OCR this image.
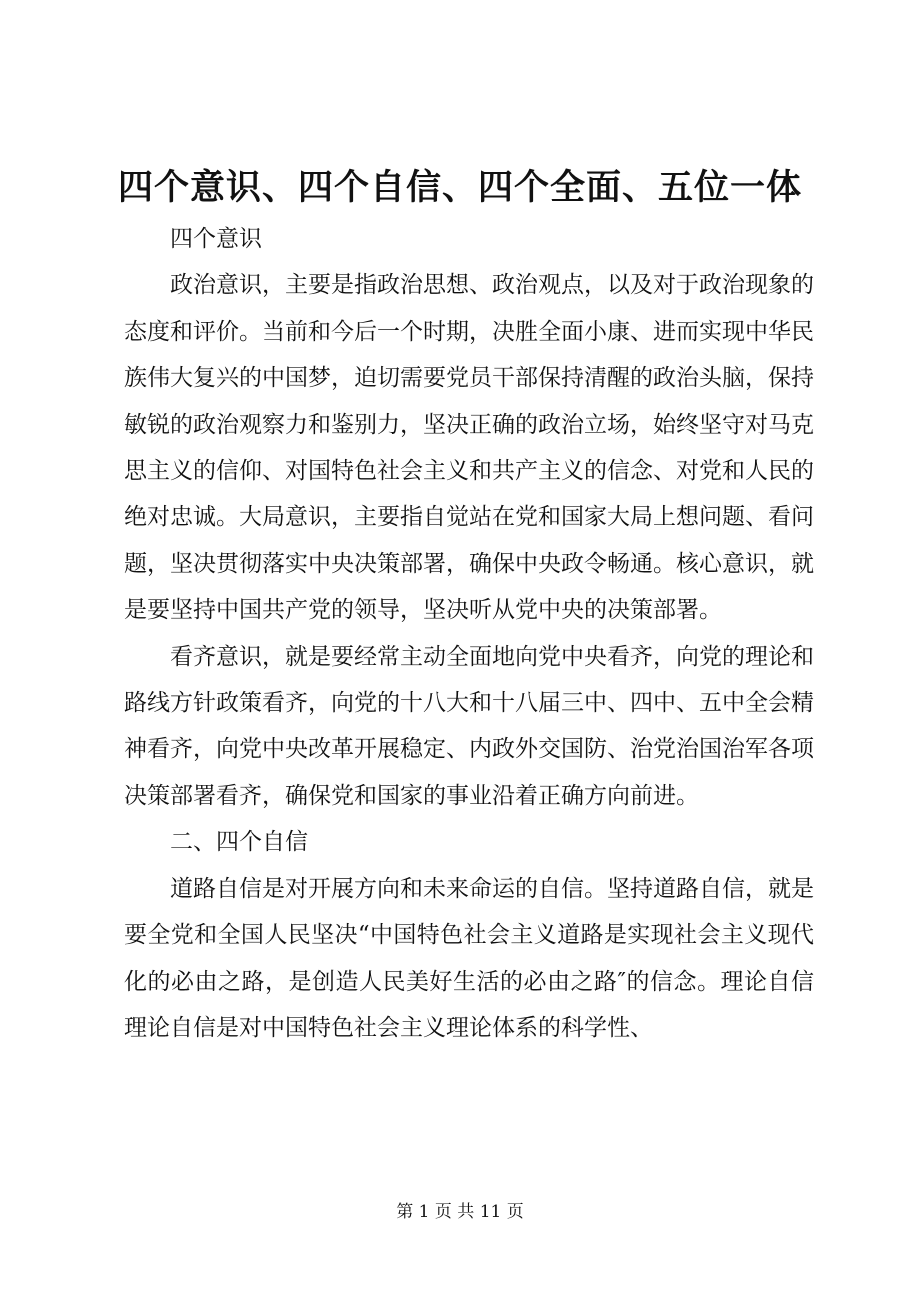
四个意识、四个自信、四个全面、五位一体

四个意识

政治意识，主要是指政治思想、政治观点，以及对于政治现象的态度和评价。当前和今后一个时期，决胜全面小康、进而实现中华民族伟大复兴的中国梦，迫切需要党员干部保持清醒的政治头脑，保持敏锐的政治观察力和鉴别力，坚决正确的政治立场，始终坚守对马克思主义的信仰、对国特色社会主义和共产主义的信念、对党和人民的绝对忠诚。大局意识，主要指自觉站在党和国家大局上想问题、看问题，坚决贯彻落实中央决策部署，确保中央政令畅通。核心意识，就是要坚持中国共产党的领导，坚决听从党中央的决策部署。

看齐意识，就是要经常主动全面地向党中央看齐，向党的理论和路线方针政策看齐，向党的十八大和十八届三中、四中、五中全会精神看齐，向党中央改革开展稳定、内政外交国防、治党治国治军各项决策部署看齐，确保党和国家的事业沿着正确方向前进。

二、四个自信

道路自信是对开展方向和未来命运的自信。坚持道路自信，就是要全党和全国人民坚决“中国特色社会主义道路是实现社会主义现代化的必由之路，是创造人民美好生活的必由之路″的信念。理论自信理论自信是对中国特色社会主义理论体系的科学性、

第 1 页 共 11 页
